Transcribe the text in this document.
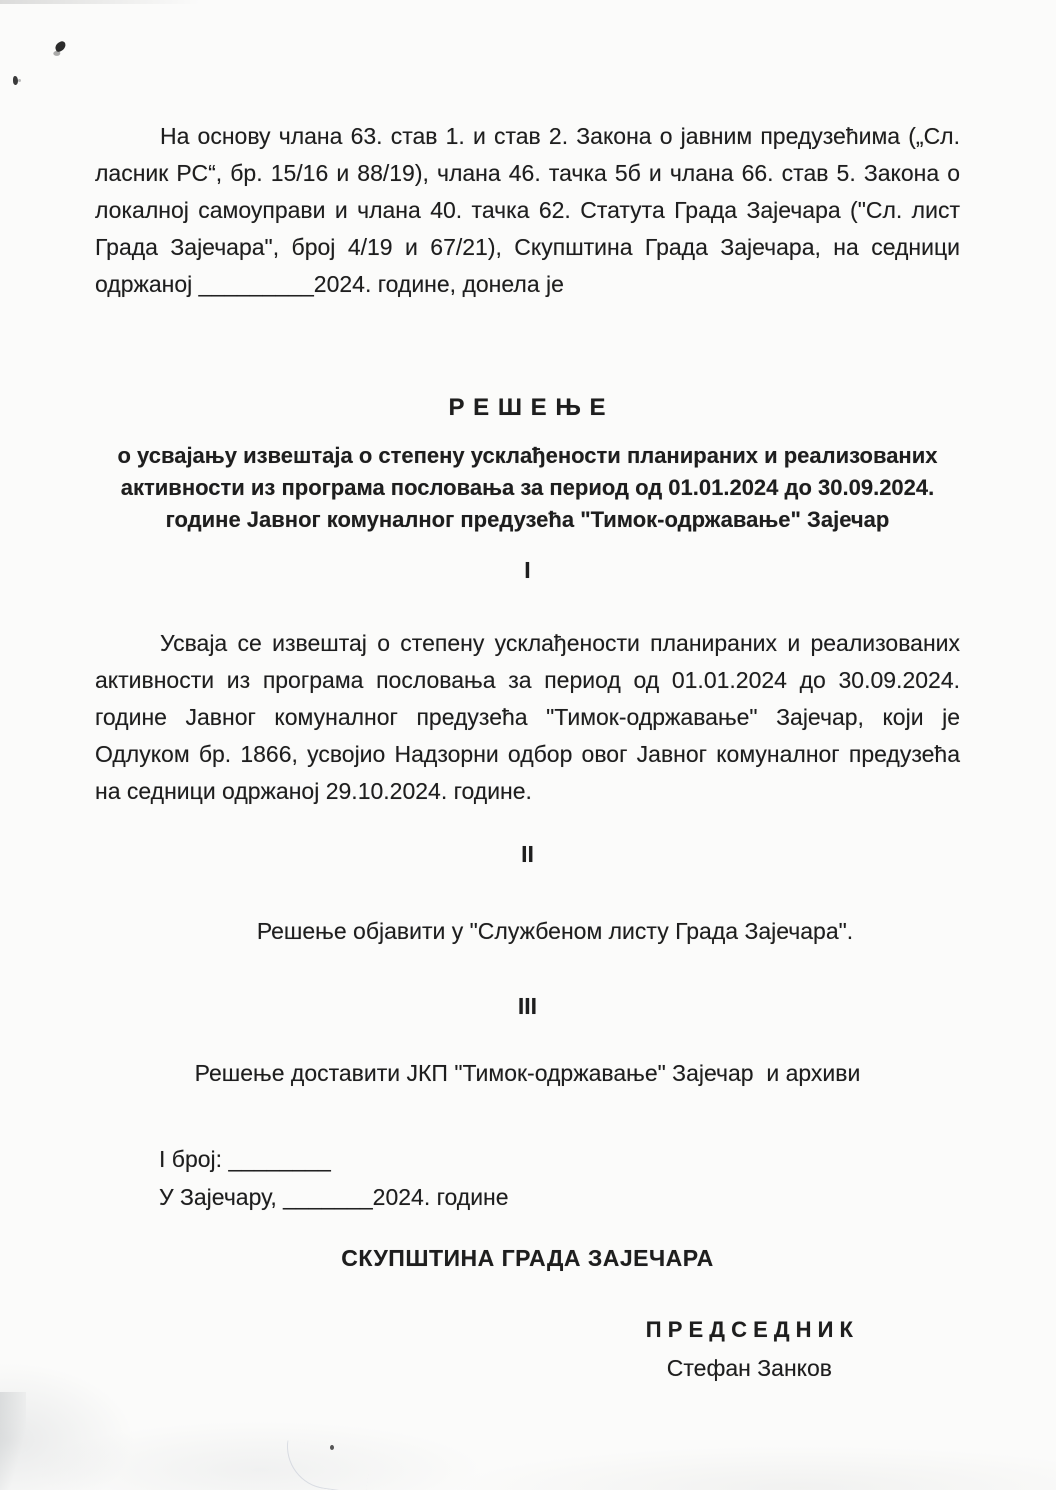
На основу члана 63. став 1. и став 2. Закона о јавним предузећима („Сл. ласник РС“, бр. 15/16 и 88/19), члана 46. тачка 5б и члана 66. став 5. Закона о локалној самоуправи и члана 40. тачка 62. Статута Града Зајечара ("Сл. лист Града Зајечара", број 4/19 и 67/21), Скупштина Града Зајечара, на седници одржаној _________2024. године, донела је

Р Е Ш Е Њ Е
о усвајању извештаја о степену усклађености планираних и реализованих активности из програма пословања за период од 01.01.2024 до 30.09.2024. године Јавног комуналног предузећа "Тимок-одржавање" Зајечар
I

Усваја се извештај о степену усклађености планираних и реализованих активности из програма пословања за период од 01.01.2024 до 30.09.2024. године Јавног комуналног предузећа "Тимок-одржавање" Зајечар, који је Одлуком бр. 1866, усвојио Надзорни одбор овог Јавног комуналног предузећа на седници одржаној 29.10.2024. године.

II

Решење објавити у "Службеном листу Града Зајечара".

III

Решење доставити ЈКП "Тимок-одржавање" Зајечар  и архиви

I број: ________

У Зајечару, _______2024. године

СКУПШТИНА ГРАДА ЗАЈЕЧАРА

П Р Е Д С Е Д Н И К

Стефан Занков
